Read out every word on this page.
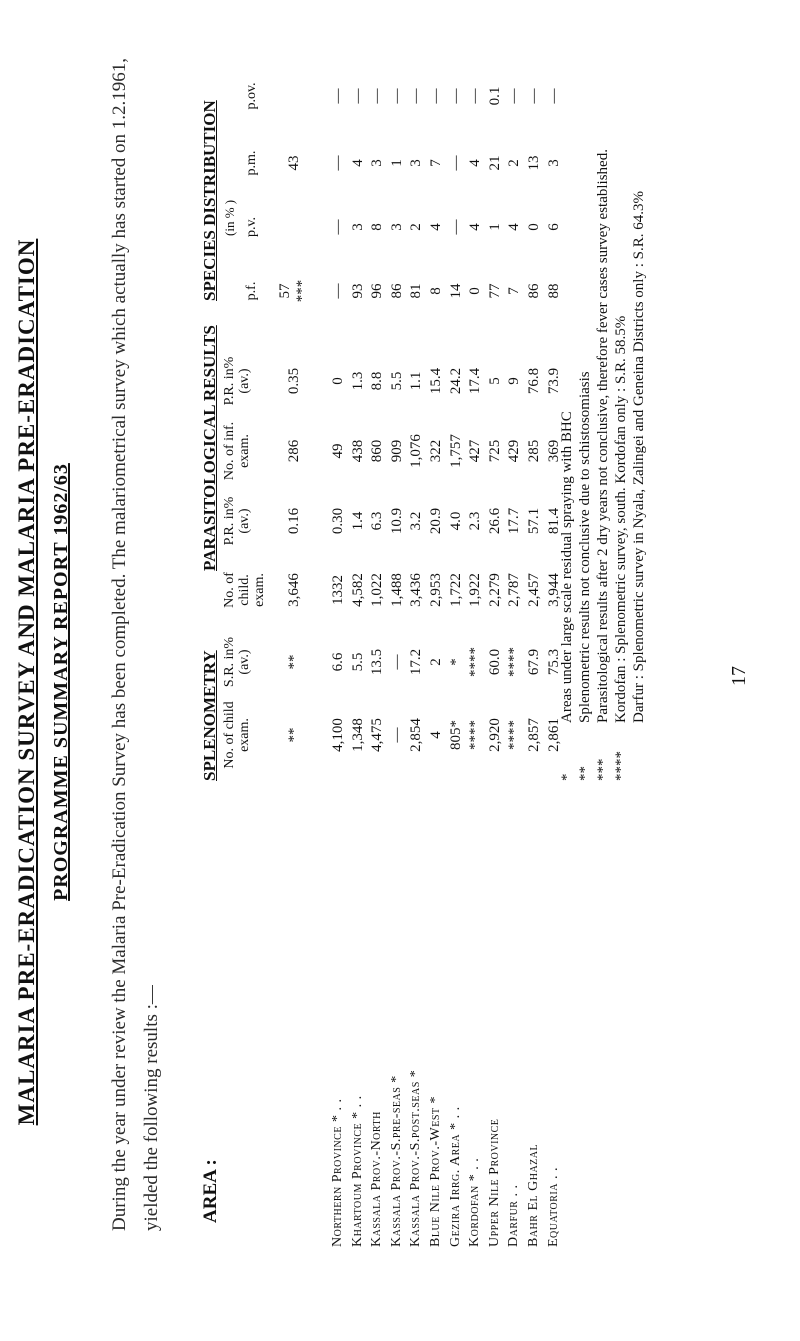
MALARIA PRE-ERADICATION SURVEY AND MALARIA PRE-ERADICATION PROGRAMME SUMMARY REPORT 1962/63 During the year under review the Malaria Pre-Eradication Survey has been completed. The malariometrical survey which actually has started on 1.2.1961, yielded the following results :—	AREA :
SPLENOMETRY
PARASITOLOGICAL RESULTS
SPECIES DISTRIBUTION (in % )
No. of child exam.
S.R. in% (av.)
No. of child. exam.
P.R. in% (av.)
No. of inf. exam.
P.R. in% (av.)
p.f.
p.v.
p.m.
p.ov.
**
**
3,646
0.16
286
0.35
57 ***
43
Northern Province * . .
4,100
6.6
1332
0.30
49
0
—
—
—
—
Khartoum Province * . .
1,348
5.5
4,582
1.4
438
1.3
93
3
4
—
Kassala Prov.-North
4,475
13.5
1,022
6.3
860
8.8
96
8
3
—
Kassala Prov.-S.pre-seas *
—
—
1,488
10.9
909
5.5
86
3
1
—
Kassala Prov.-S.post.seas *
2,854
17.2
3,436
3.2
1,076
1.1
81
2
3
—
Blue Nile Prov.-West *
4
2
2,953
20.9
322
15.4
8
4
7
—
Gezira Irrg. Area * . .
805*
*
1,722
4.0
1,757
24.2
14
—
—
—
Kordofan * . .
****
****
1,922
2.3
427
17.4
0
4
4
—
Upper Nile Province
2,920
60.0
2,279
26.6
725
5
77
1
21
0.1
Darfur . .
****
****
2,787
17.7
429
9
7
4
2
—
Bahr El Ghazal
2,857
67.9
2,457
57.1
285
76.8
86
0
13
—
Equatoria . .
2,861
75.3
3,944
81.4
369
73.9
88
6
3
—
*Areas under large scale residual spraying with BHC
**Splenometric results not conclusive due to schistosomiasis
***Parasitological results after 2 dry years not conclusive, therefore fever cases survey established.
****Kordofan : Splenometric survey, south. Kordofan only : S.R. 58.5% Darfur : Splenometric survey in Nyala, Zalingei and Geneina Districts only : S.R. 64.3%	17
